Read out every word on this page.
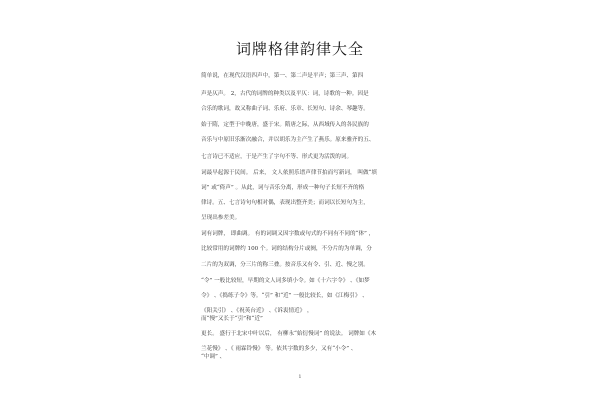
词牌格律韵律大全
简单说，在现代汉语四声中，第一、第二声是平声；第三声、第四
声是仄声。 2，古代的词牌的种类以及平仄：词，诗歌的一种。因是
合乐的歌词，故又称曲子词、乐府、乐章、长短句、诗余、琴趣等。
始于隋，定型于中晚唐，盛于宋。隋唐之际，从西域传入的各民族的
音乐与中原旧乐渐次融合，并以胡乐为主产生了燕乐。原来雅齐的五、
七言诗已不适应，于是产生了字句不等、形式更为活泼的词。
词最早起源于民间。 后来， 文人依照乐谱声律节拍而写新词， 叫做“填
词” 或“倚声” 。从此，词与音乐分离，形成一种句子长短不齐的格
律诗。五、七言诗句句相对偶，表现出整齐美；而词以长短句为主，
呈现出参差美。
词有词牌， 即曲调。 有的词调又因字数或句式的不同有不同的“体” ，
比较常用的词牌约 100 个。词的结构分片或阕，不分片的为单调，分
二片的为双调，分三片的称三叠。按音乐又有令、引、近、慢之别。
“令” 一般比较短，早期的文人词多填小令。如《十六字令》 、《如梦
令》 、《捣练子令》等。“引” 和“近” 一般比较长，如《江梅引》 、
《阳关引》 、《祝英台近》 、《诉衷情近》 ，
而“慢”又长于“引”和“近”
更长。 盛行于北宋中叶以后， 有柳永“始衍慢词” 的说法。 词牌如《木
兰花慢》 、《 雨霖铃慢》 等。依其字数的多少，又有“小令” 、
“中调” 、
1
